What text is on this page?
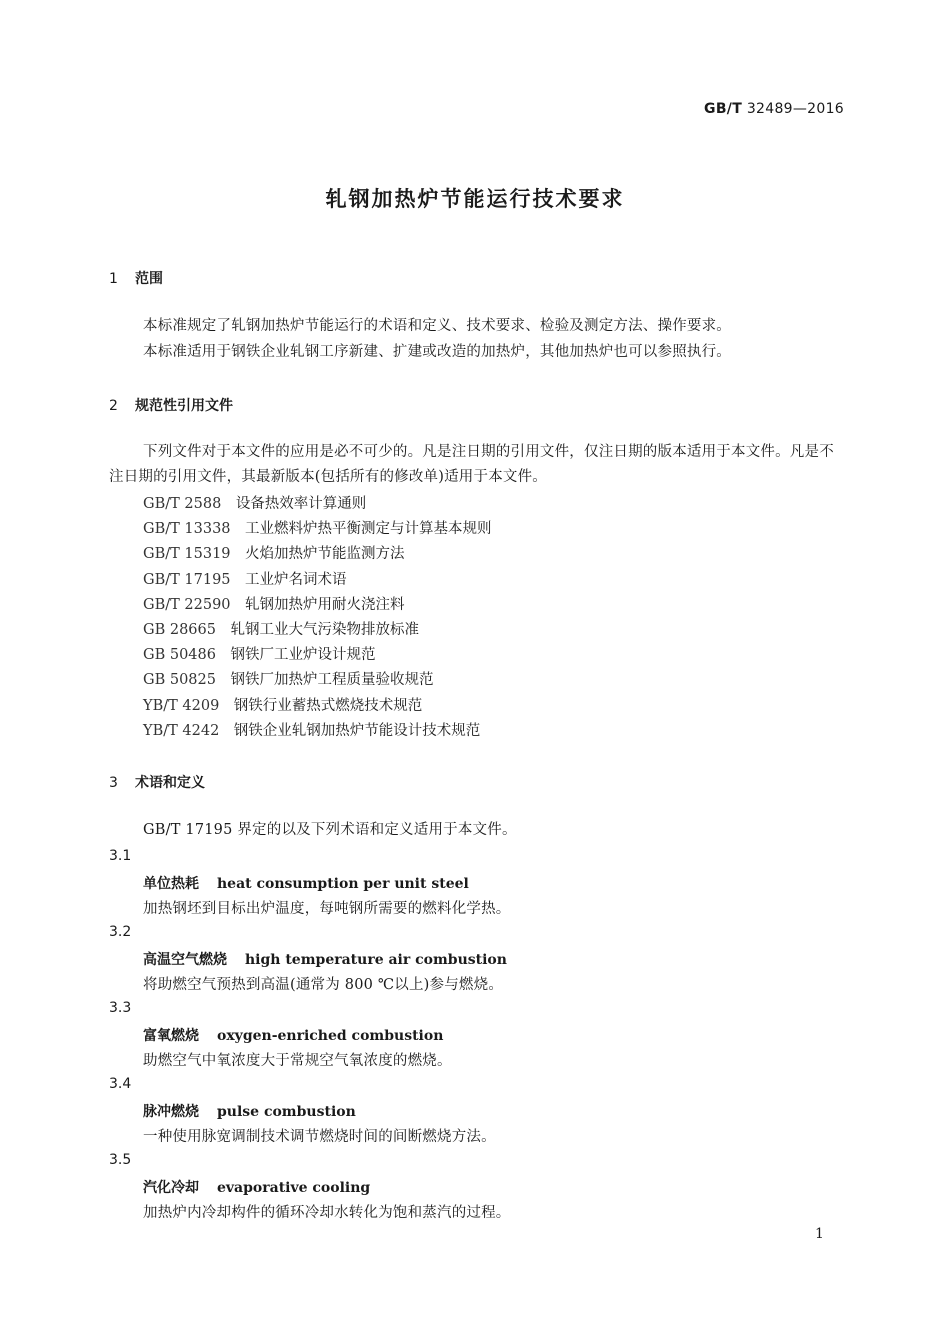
GB/T 32489—2016
轧钢加热炉节能运行技术要求
1 范围
本标准规定了轧钢加热炉节能运行的术语和定义、技术要求、检验及测定方法、操作要求。
本标准适用于钢铁企业轧钢工序新建、扩建或改造的加热炉，其他加热炉也可以参照执行。
2 规范性引用文件
下列文件对于本文件的应用是必不可少的。凡是注日期的引用文件，仅注日期的版本适用于本文件。凡是不注日期的引用文件，其最新版本(包括所有的修改单)适用于本文件。
GB/T 2588　 设备热效率计算通则
GB/T 13338　 工业燃料炉热平衡测定与计算基本规则
GB/T 15319　 火焰加热炉节能监测方法
GB/T 17195　 工业炉名词术语
GB/T 22590　 轧钢加热炉用耐火浇注料
GB 28665　 轧钢工业大气污染物排放标准
GB 50486　 钢铁厂工业炉设计规范
GB 50825　 钢铁厂加热炉工程质量验收规范
YB/T 4209　 钢铁行业蓄热式燃烧技术规范
YB/T 4242　 钢铁企业轧钢加热炉节能设计技术规范
3 术语和定义
GB/T 17195 界定的以及下列术语和定义适用于本文件。
3.1
单位热耗 heat consumption per unit steel
加热钢坯到目标出炉温度，每吨钢所需要的燃料化学热。
3.2
高温空气燃烧 high temperature air combustion
将助燃空气预热到高温(通常为 800 ℃以上)参与燃烧。
3.3
富氧燃烧 oxygen-enriched combustion
助燃空气中氧浓度大于常规空气氧浓度的燃烧。
3.4
脉冲燃烧 pulse combustion
一种使用脉宽调制技术调节燃烧时间的间断燃烧方法。
3.5
汽化冷却 evaporative cooling
加热炉内冷却构件的循环冷却水转化为饱和蒸汽的过程。
1
